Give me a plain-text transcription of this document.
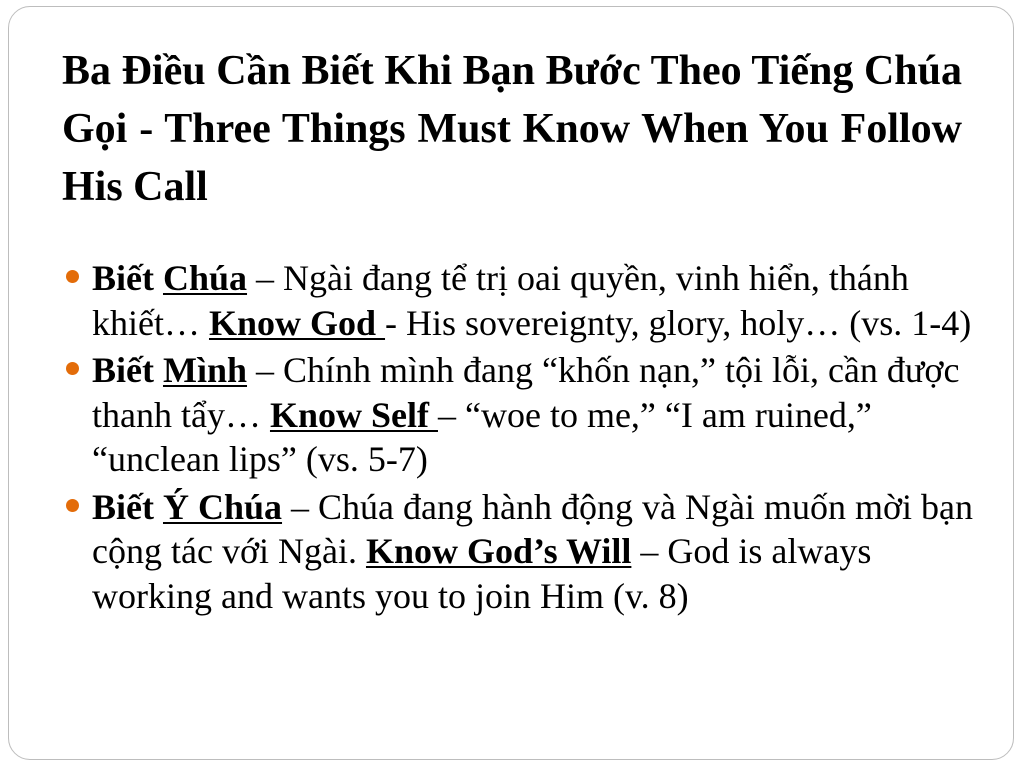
Ba Điều Cần Biết Khi Bạn Bước Theo Tiếng Chúa Gọi - Three Things Must Know When You Follow His Call
Biết Chúa – Ngài đang tể trị oai quyền, vinh hiển, thánh khiết… Know God - His sovereignty, glory, holy… (vs. 1-4)
Biết Mình – Chính mình đang “khốn nạn,” tội lỗi, cần được thanh tẩy… Know Self – “woe to me,” “I am ruined,” “unclean lips” (vs. 5-7)
Biết Ý Chúa – Chúa đang hành động và Ngài muốn mời bạn cộng tác với Ngài. Know God’s Will – God is always working and wants you to join Him (v. 8)
